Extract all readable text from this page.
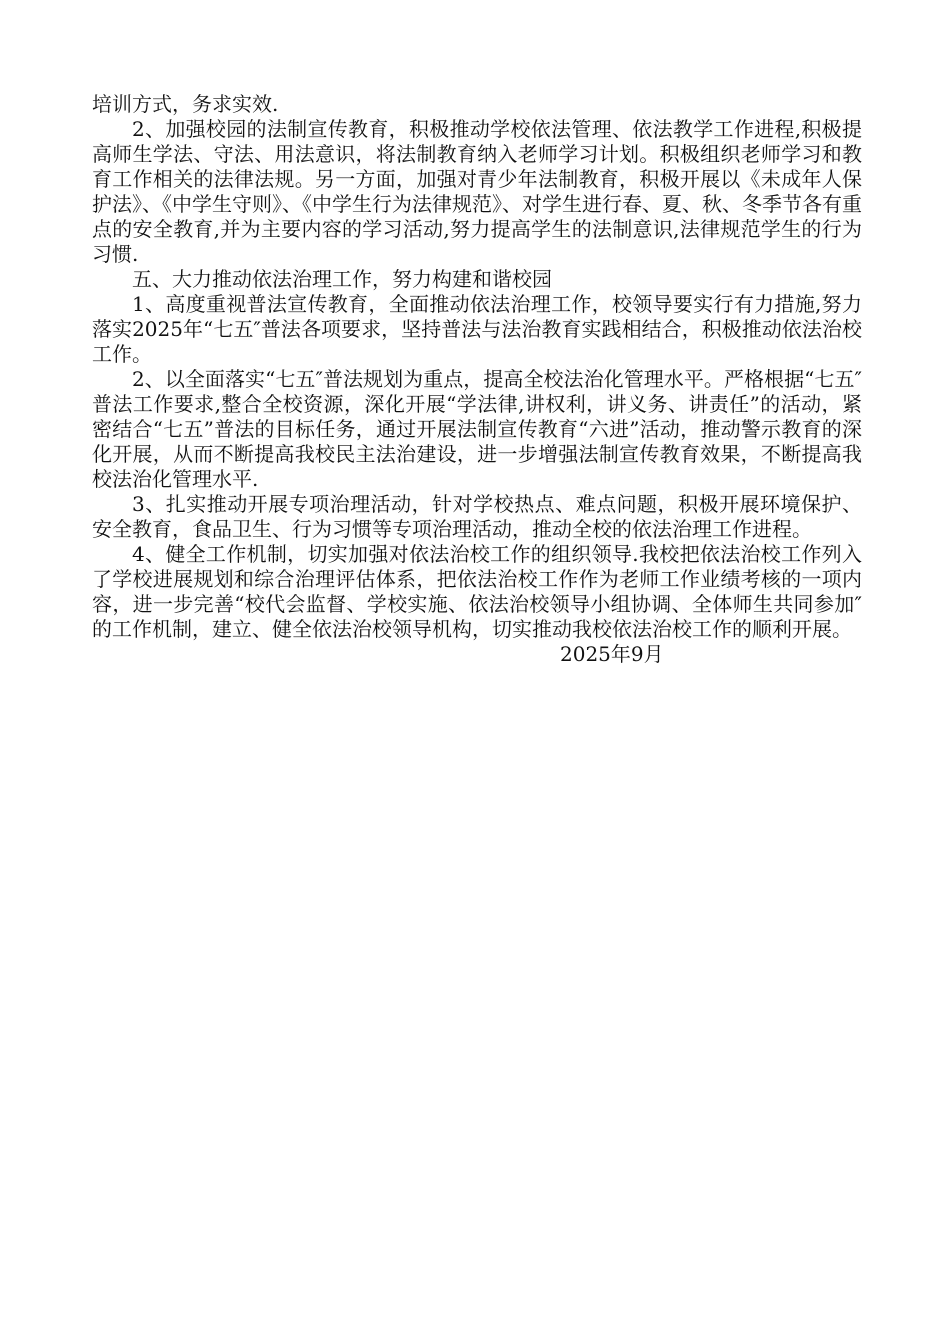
培训方式，务求实效.

2、加强校园的法制宣传教育，积极推动学校依法管理、依法教学工作进程,积极提高师生学法、守法、用法意识，将法制教育纳入老师学习计划。积极组织老师学习和教育工作相关的法律法规。另一方面，加强对青少年法制教育，积极开展以《未成年人保护法》、《中学生守则》、《中学生行为法律规范》、对学生进行春、夏、秋、冬季节各有重点的安全教育,并为主要内容的学习活动,努力提高学生的法制意识,法律规范学生的行为习惯.

五、大力推动依法治理工作，努力构建和谐校园

1、高度重视普法宣传教育，全面推动依法治理工作，校领导要实行有力措施,努力落实2025年“七五″普法各项要求，坚持普法与法治教育实践相结合，积极推动依法治校工作。

2、以全面落实“七五″普法规划为重点，提高全校法治化管理水平。严格根据“七五″普法工作要求,整合全校资源，深化开展“学法律,讲权利，讲义务、讲责任”的活动，紧密结合“七五”普法的目标任务，通过开展法制宣传教育“六进”活动，推动警示教育的深化开展，从而不断提高我校民主法治建设，进一步增强法制宣传教育效果，不断提高我校法治化管理水平.

3、扎实推动开展专项治理活动，针对学校热点、难点问题，积极开展环境保护、安全教育，食品卫生、行为习惯等专项治理活动，推动全校的依法治理工作进程。

4、健全工作机制，切实加强对依法治校工作的组织领导.我校把依法治校工作列入了学校进展规划和综合治理评估体系，把依法治校工作作为老师工作业绩考核的一项内容，进一步完善“校代会监督、学校实施、依法治校领导小组协调、全体师生共同参加″的工作机制，建立、健全依法治校领导机构，切实推动我校依法治校工作的顺利开展。

2025年9月
